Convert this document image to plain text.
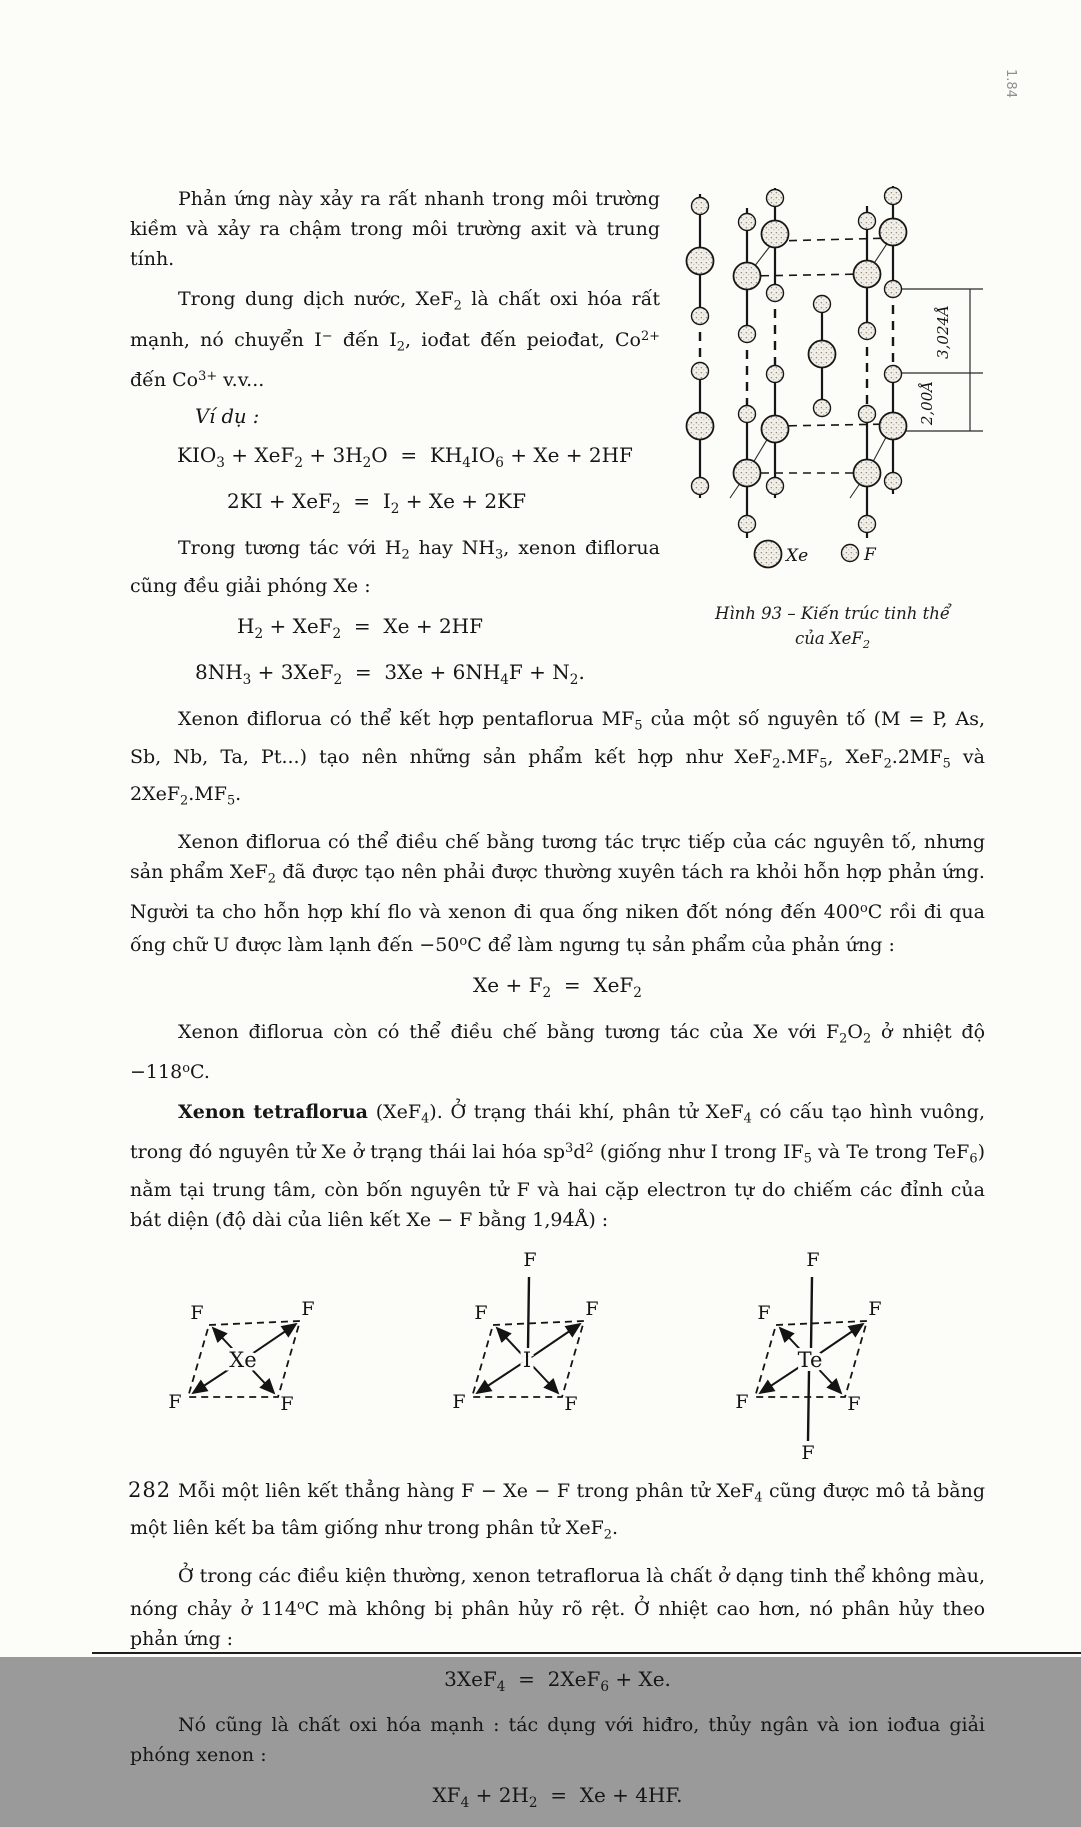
1.84
3,024Å
2,00Å
Xe	F
Hình 93 – Kiến trúc tinh thể
của XeF$_2$

Phản ứng này xảy ra rất nhanh trong môi trường kiềm và xảy ra chậm trong môi trường axit và trung tính.

Trong dung dịch nước, XeF$_2$ là chất oxi hóa rất mạnh, nó chuyển I− đến $I_2$, iođat đến peiođat, $Co^{2+}$ đến $Co^{3+}$ v.v...

Ví dụ :
$KIO_3 + XeF_2 + 3H_2O = KH_4IO_6 + Xe + 2HF$
$2KI + XeF_2 = I_2 + Xe + 2KF$

Trong tương tác với $H_2$ hay $NH_3$, xenon điflorua cũng đều giải phóng Xe :

$H_2 + XeF_2 = Xe + 2HF$
$8NH_3 + 3XeF_2 = 3Xe + 6NH_4F + N_2$.

Xenon điflorua có thể kết hợp pentaflorua $MF_5$ của một số nguyên tố (M = P, As, Sb, Nb, Ta, Pt...) tạo nên những sản phẩm kết hợp như $XeF_2.MF_5$, $XeF_2.2MF_5$ và $2XeF_2.MF_5$.

Xenon điflorua có thể điều chế bằng tương tác trực tiếp của các nguyên tố, nhưng sản phẩm XeF$_2$ đã được tạo nên phải được thường xuyên tách ra khỏi hỗn hợp phản ứng. Người ta cho hỗn hợp khí flo và xenon đi qua ống niken đốt nóng đến 400$^o$C rồi đi qua ống chữ U được làm lạnh đến $-50^oC$ để làm ngưng tụ sản phẩm của phản ứng :

$Xe + F_2 = XeF_2$

Xenon điflorua còn có thể điều chế bằng tương tác của Xe với $F_2O_2$ ở nhiệt độ $-118^oC$.

Xenon tetraflorua (XeF$_4$). Ở trạng thái khí, phân tử XeF$_4$ có cấu tạo hình vuông, trong đó nguyên tử Xe ở trạng thái lai hóa $sp^3d^2$ (giống như I trong $IF_5$ và Te trong TeF$_6$) nằm tại trung tâm, còn bốn nguyên tử F và hai cặp electron tự do chiếm các đỉnh của bát diện (độ dài của liên kết Xe − F bằng 1,94Å) :

F	F
F	F
Xe
F
F	F
F	F
I
F
F
F	F
F	F
Te

Mỗi một liên kết thẳng hàng F − Xe − F trong phân tử XeF$_4$ cũng được mô tả bằng một liên kết ba tâm giống như trong phân tử XeF$_2$.

Ở trong các điều kiện thường, xenon tetraflorua là chất ở dạng tinh thể không màu, nóng chảy ở 114$^o$C mà không bị phân hủy rõ rệt. Ở nhiệt cao hơn, nó phân hủy theo phản ứng :

3XeF$_4$  =  2XeF$_6$ + Xe.

Nó cũng là chất oxi hóa mạnh : tác dụng với hiđro, thủy ngân và ion iođua giải phóng xenon :

$XF_4 + 2H_2 = Xe + 4HF$.
282
